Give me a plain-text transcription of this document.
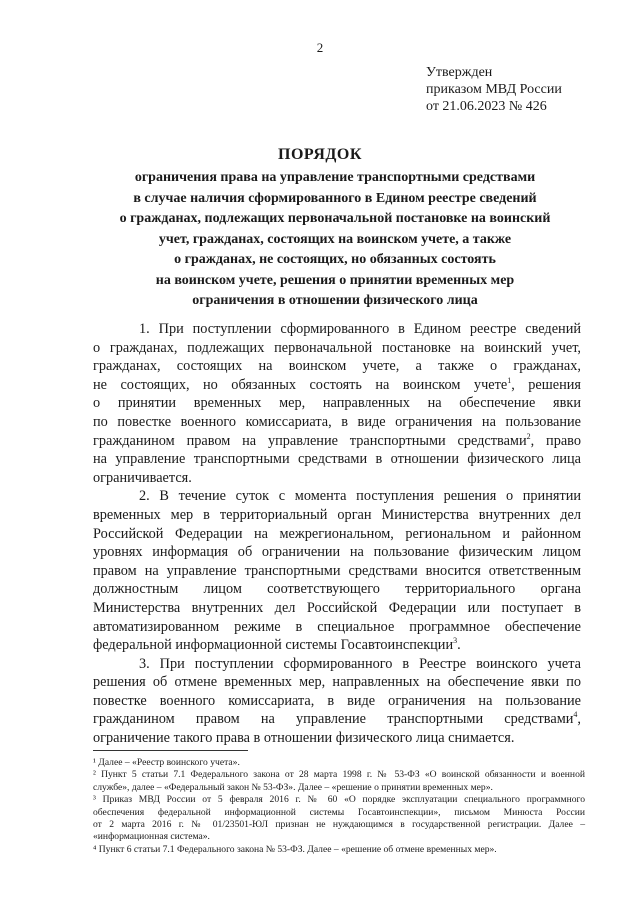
2
Утвержден
приказом МВД России
от 21.06.2023 № 426
ПОРЯДОК
ограничения права на управление транспортными средствами
в случае наличия сформированного в Едином реестре сведений
о гражданах, подлежащих первоначальной постановке на воинский
учет, гражданах, состоящих на воинском учете, а также
о гражданах, не состоящих, но обязанных состоять
на воинском учете, решения о принятии временных мер
ограничения в отношении физического лица
1. При поступлении сформированного в Едином реестре сведений
о гражданах, подлежащих первоначальной постановке на воинский учет,
гражданах, состоящих на воинском учете, а также о гражданах,
не состоящих, но обязанных состоять на воинском учете$^1$, решения
о принятии временных мер, направленных на обеспечение явки
по повестке военного комиссариата, в виде ограничения на пользование
гражданином правом на управление транспортными средствами$^2$, право
на управление транспортными средствами в отношении физического лица
ограничивается.
2. В течение суток с момента поступления решения о принятии
временных мер в территориальный орган Министерства внутренних дел
Российской Федерации на межрегиональном, региональном и районном
уровнях информация об ограничении на пользование физическим лицом
правом на управление транспортными средствами вносится ответственным
должностным лицом соответствующего территориального органа
Министерства внутренних дел Российской Федерации или поступает в
автоматизированном режиме в специальное программное обеспечение
федеральной информационной системы Госавтоинспекции$^3$.
3. При поступлении сформированного в Реестре воинского учета
решения об отмене временных мер, направленных на обеспечение явки по
повестке военного комиссариата, в виде ограничения на пользование
гражданином правом на управление транспортными средствами$^4$,
ограничение такого права в отношении физического лица снимается.
¹ Далее – «Реестр воинского учета».
² Пункт 5 статьи 7.1 Федерального закона от 28 марта 1998 г. № 53-ФЗ «О воинской обязанности и военной
службе», далее – «Федеральный закон № 53-ФЗ». Далее – «решение о принятии временных мер».
³ Приказ МВД России от 5 февраля 2016 г. № 60 «О порядке эксплуатации специального программного
обеспечения федеральной информационной системы Госавтоинспекции», письмом Минюста России
от 2 марта 2016 г. № 01/23501-ЮЛ признан не нуждающимся в государственной регистрации. Далее –
«информационная система».
⁴ Пункт 6 статьи 7.1 Федерального закона № 53-ФЗ. Далее – «решение об отмене временных мер».
